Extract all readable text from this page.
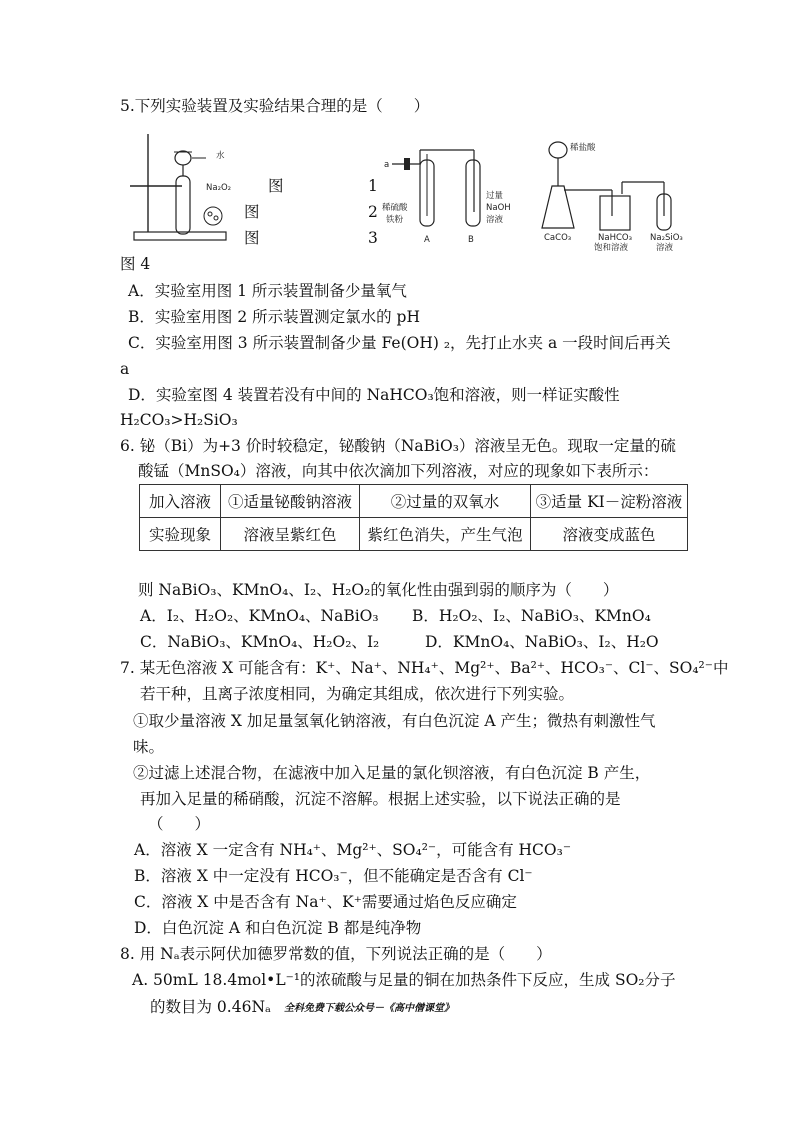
5.下列实验装置及实验结果合理的是（　　）
水
Na₂O₂ 图
图
图
1
2
3
a
稀硫酸
铁粉
A	B
过量
NaOH
溶液
稀盐酸
CaCO₃	NaHCO₃
饱和溶液
Na₂SiO₃
溶液
图 4
A．实验室用图 1 所示装置制备少量氧气
B．实验室用图 2 所示装置测定氯水的 pH
C．实验室用图 3 所示装置制备少量 Fe(OH) ₂，先打止水夹 a 一段时间后再关
a
D．实验室图 4 装置若没有中间的 NaHCO₃饱和溶液，则一样证实酸性
H₂CO₃>H₂SiO₃
6. 铋（Bi）为+3 价时较稳定，铋酸钠（NaBiO₃）溶液呈无色。现取一定量的硫
酸锰（MnSO₄）溶液，向其中依次滴加下列溶液，对应的现象如下表所示：
加入溶液	①适量铋酸钠溶液	②过量的双氧水	③适量 KI－淀粉溶液
实验现象	溶液呈紫红色	紫红色消失，产生气泡	溶液变成蓝色
则 NaBiO₃、KMnO₄、I₂、H₂O₂的氧化性由强到弱的顺序为（　　）
A．I₂、H₂O₂、KMnO₄、NaBiO₃ B．H₂O₂、I₂、NaBiO₃、KMnO₄
C．NaBiO₃、KMnO₄、H₂O₂、I₂	D．KMnO₄、NaBiO₃、I₂、H₂O
7. 某无色溶液 X 可能含有：K⁺、Na⁺、NH₄⁺、Mg²⁺、Ba²⁺、HCO₃⁻、Cl⁻、SO₄²⁻中
若干种，且离子浓度相同，为确定其组成，依次进行下列实验。
①取少量溶液 X 加足量氢氧化钠溶液，有白色沉淀 A 产生；微热有刺激性气
味。
②过滤上述混合物，在滤液中加入足量的氯化钡溶液，有白色沉淀 B 产生，
再加入足量的稀硝酸，沉淀不溶解。根据上述实验，以下说法正确的是
（　　）
A．溶液 X 一定含有 NH₄⁺、Mg²⁺、SO₄²⁻，可能含有 HCO₃⁻
B．溶液 X 中一定没有 HCO₃⁻，但不能确定是否含有 Cl⁻
C．溶液 X 中是否含有 Na⁺、K⁺需要通过焰色反应确定
D．白色沉淀 A 和白色沉淀 B 都是纯净物
8. 用 Nₐ表示阿伏加德罗常数的值，下列说法正确的是（　　）
A. 50mL 18.4mol•L⁻¹的浓硫酸与足量的铜在加热条件下反应，生成 SO₂分子
的数目为 0.46Nₐ 全科免费下载公众号－《高中僧课堂》
